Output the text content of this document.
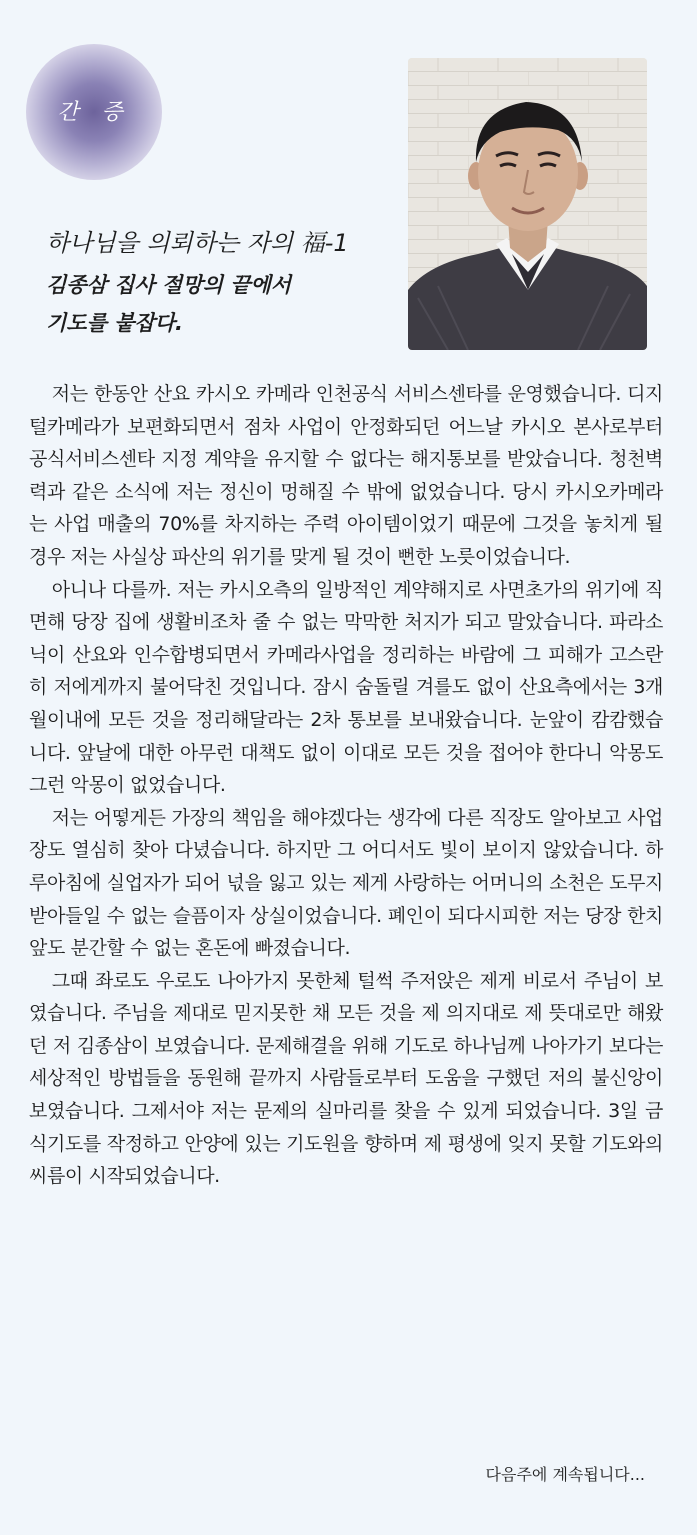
간 증
하나님을 의뢰하는 자의 福-1
김종삼 집사 절망의 끝에서
기도를 붙잡다.

저는 한동안 산요 카시오 카메라 인천공식 서비스센타를 운영했습니다. 디지털카메라가 보편화되면서 점차 사업이 안정화되던 어느날 카시오 본사로부터 공식서비스센타 지정 계약을 유지할 수 없다는 해지통보를 받았습니다. 청천벽력과 같은 소식에 저는 정신이 멍해질 수 밖에 없었습니다. 당시 카시오카메라는 사업 매출의 70%를 차지하는 주력 아이템이었기 때문에 그것을 놓치게 될 경우 저는 사실상 파산의 위기를 맞게 될 것이 뻔한 노릇이었습니다.

아니나 다를까. 저는 카시오측의 일방적인 계약해지로 사면초가의 위기에 직면해 당장 집에 생활비조차 줄 수 없는 막막한 처지가 되고 말았습니다. 파라소닉이 산요와 인수합병되면서 카메라사업을 정리하는 바람에 그 피해가 고스란히 저에게까지 불어닥친 것입니다. 잠시 숨돌릴 겨를도 없이 산요측에서는 3개월이내에 모든 것을 정리해달라는 2차 통보를 보내왔습니다. 눈앞이 캄캄했습니다. 앞날에 대한 아무런 대책도 없이 이대로 모든 것을 접어야 한다니 악몽도 그런 악몽이 없었습니다.

저는 어떻게든 가장의 책임을 해야겠다는 생각에 다른 직장도 알아보고 사업장도 열심히 찾아 다녔습니다. 하지만 그 어디서도 빛이 보이지 않았습니다. 하루아침에 실업자가 되어 넋을 잃고 있는 제게 사랑하는 어머니의 소천은 도무지 받아들일 수 없는 슬픔이자 상실이었습니다. 폐인이 되다시피한 저는 당장 한치 앞도 분간할 수 없는 혼돈에 빠졌습니다.

그때 좌로도 우로도 나아가지 못한체 털썩 주저앉은 제게 비로서 주님이 보였습니다. 주님을 제대로 믿지못한 채 모든 것을 제 의지대로 제 뜻대로만 해왔던 저 김종삼이 보였습니다. 문제해결을 위해 기도로 하나님께 나아가기 보다는 세상적인 방법들을 동원해 끝까지 사람들로부터 도움을 구했던 저의 불신앙이 보였습니다. 그제서야 저는 문제의 실마리를 찾을 수 있게 되었습니다. 3일 금식기도를 작정하고 안양에 있는 기도원을 향하며 제 평생에 잊지 못할 기도와의 씨름이 시작되었습니다.

다음주에 계속됩니다...
